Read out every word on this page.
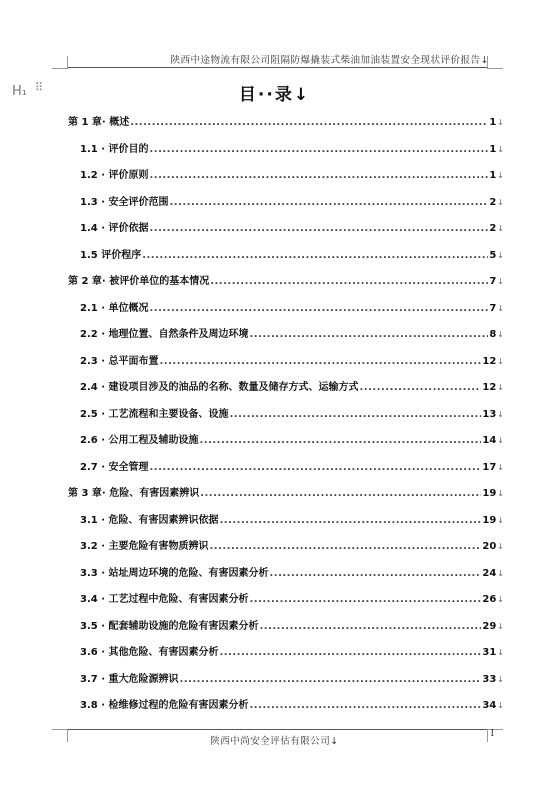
陕西中途物流有限公司阻隔防爆撬装式柴油加油装置安全现状评价报告↓
H₁ ⠿	目··录↓
第 1 章· 概述 .....	1 ↓
1.1 · 评价目的 .....	1 ↓
1.2 · 评价原则 .....	1 ↓
1.3 · 安全评价范围 .....	2 ↓
1.4 · 评价依据 .....	2 ↓
1.5 评价程序 .....	5 ↓
第 2 章· 被评价单位的基本情况 .....	7 ↓
2.1 · 单位概况 .....	7 ↓
2.2 · 地理位置、自然条件及周边环境 .....	8 ↓
2.3 · 总平面布置 .....	12 ↓
2.4 · 建设项目涉及的油品的名称、数量及储存方式、运输方式 .....	12 ↓
2.5 · 工艺流程和主要设备、设施 .....	13 ↓
2.6 · 公用工程及辅助设施 .....	14 ↓
2.7 · 安全管理 .....	17 ↓
第 3 章· 危险、有害因素辨识 .....	19 ↓
3.1 · 危险、有害因素辨识依据 .....	19 ↓
3.2 · 主要危险有害物质辨识 .....	20 ↓
3.3 · 站址周边环境的危险、有害因素分析 .....	24 ↓
3.4 · 工艺过程中危险、有害因素分析 .....	26 ↓
3.5 · 配套辅助设施的危险有害因素分析 .....	29 ↓
3.6 · 其他危险、有害因素分析 .....	31 ↓
3.7 · 重大危险源辨识 .....	33 ↓
3.8 · 检维修过程的危险有害因素分析 .....	34 ↓
陕西中尚安全评估有限公司↓
I
